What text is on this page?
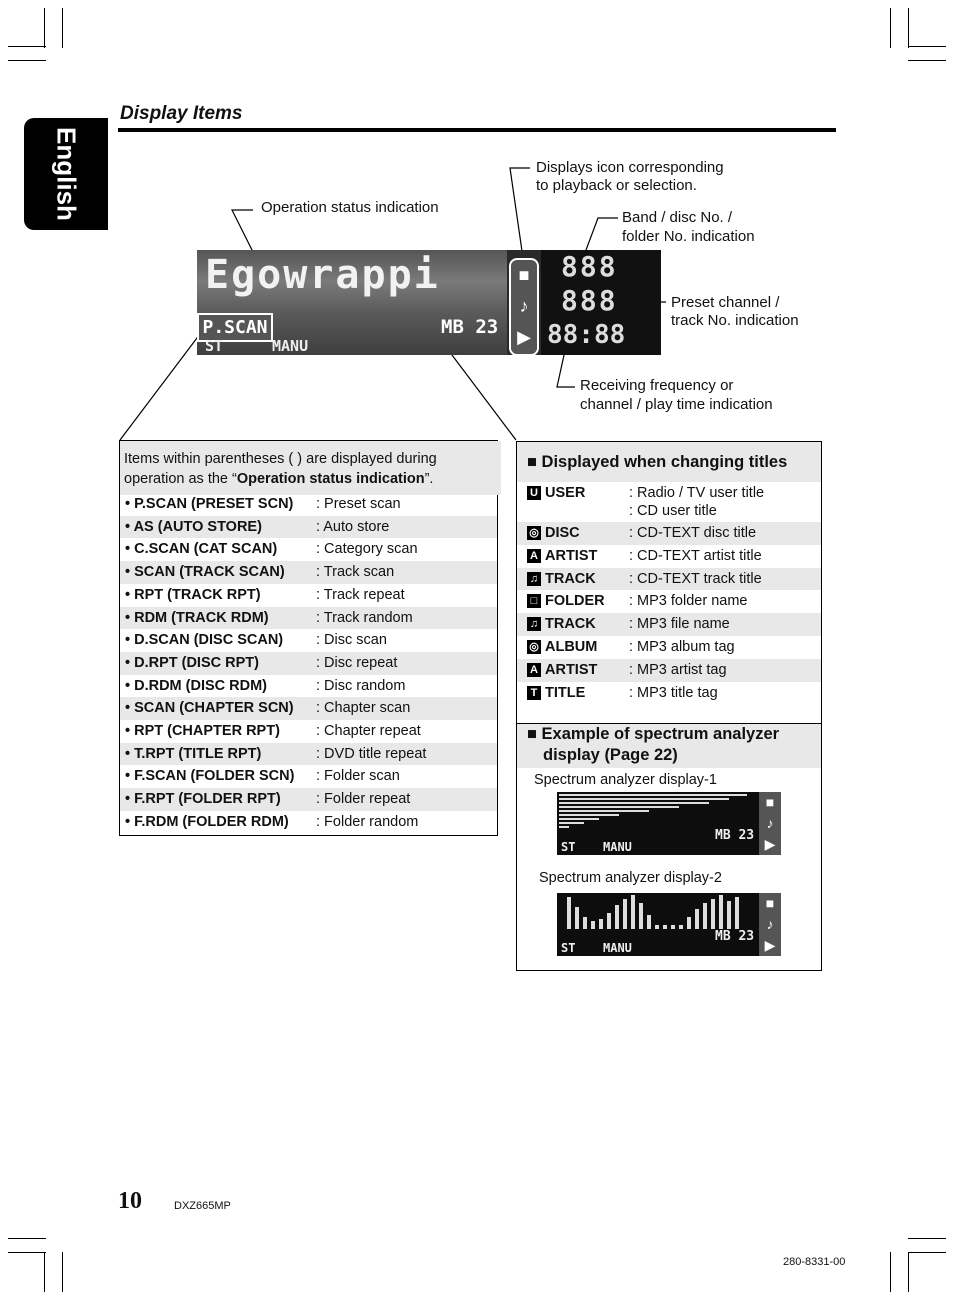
English
Display Items
Operation status indication
Displays icon corresponding
to playback or selection.
Band / disc No. /
folder No. indication
Preset channel /
track No. indication
Receiving frequency or
channel / play time indication
Egowrappi
P.SCAN
ST	MANU
MB 23
■
♪
▶
888
888
88:88
Items within parentheses ( ) are displayed during operation as the “Operation status indication”.
• P.SCAN (PRESET SCN) : Preset scan
• AS (AUTO STORE)	: Auto store
• C.SCAN (CAT SCAN)	: Category scan
• SCAN (TRACK SCAN) : Track scan
• RPT (TRACK RPT)	: Track repeat
• RDM (TRACK RDM)	: Track random
• D.SCAN (DISC SCAN) : Disc scan
• D.RPT (DISC RPT)	: Disc repeat
• D.RDM (DISC RDM)	: Disc random
• SCAN (CHAPTER SCN) : Chapter scan
• RPT (CHAPTER RPT) : Chapter repeat
• T.RPT (TITLE RPT)	: DVD title repeat
• F.SCAN (FOLDER SCN) : Folder scan
• F.RPT (FOLDER RPT) : Folder repeat
• F.RDM (FOLDER RDM) : Folder random
■ Displayed when changing titles
U USER	: Radio / TV user title
: CD user title
◎ DISC	: CD-TEXT disc title
A ARTIST : CD-TEXT artist title
♫ TRACK : CD-TEXT track title
□ FOLDER : MP3 folder name
♫ TRACK : MP3 file name
◎ ALBUM : MP3 album tag
A ARTIST : MP3 artist tag
T TITLE	: MP3 title tag
■ Example of spectrum analyzer
display (Page 22)
Spectrum analyzer display-1
MB 23
ST MANU
■
♪
▶
Spectrum analyzer display-2
MB 23
ST MANU
■
♪
▶
10	DXZ665MP
280-8331-00
